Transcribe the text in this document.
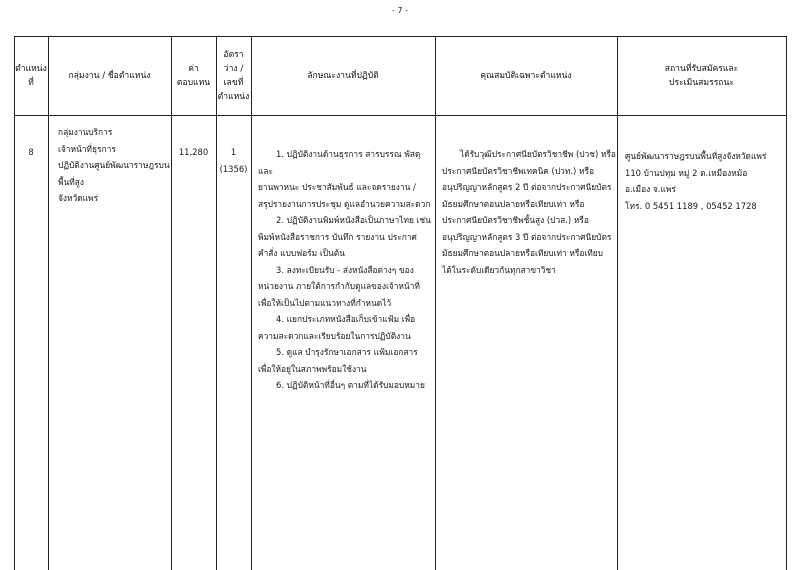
- 7 -
ตำแหน่ง
ที่
กลุ่มงาน / ชื่อตำแหน่ง
ค่า
ตอบแทน
อัตรา
ว่าง /
เลขที่
ตำแหน่ง
ลักษณะงานที่ปฏิบัติ	คุณสมบัติเฉพาะตำแหน่ง
สถานที่รับสมัครและ
ประเมินสมรรถนะ
8

กลุ่มงานบริการ

เจ้าหน้าที่ธุรการ

ปฏิบัติงานศูนย์พัฒนาราษฎรบนพื้นที่สูง

จังหวัดแพร่

11,280	1

(1356)

1. ปฏิบัติงานด้านธุรการ สารบรรณ พัสดุและ

ยานพาหนะ ประชาสัมพันธ์ และจดรายงาน /

สรุปรายงานการประชุม ดูแลอำนวยความสะดวก

2. ปฏิบัติงานพิมพ์หนังสือเป็นภาษาไทย เช่น

พิมพ์หนังสือราชการ บันทึก รายงาน ประกาศ

คำสั่ง แบบฟอร์ม เป็นต้น

3. ลงทะเบียนรับ - ส่งหนังสือต่างๆ ของ

หน่วยงาน ภายใต้การกำกับดูแลของเจ้าหน้าที่

เพื่อให้เป็นไปตามแนวทางที่กำหนดไว้

4. แยกประเภทหนังสือเก็บเข้าแฟ้ม เพื่อ

ความสะดวกและเรียบร้อยในการปฏิบัติงาน

5. ดูแล บำรุงรักษาเอกสาร แฟ้มเอกสาร

เพื่อให้อยู่ในสภาพพร้อมใช้งาน

6. ปฏิบัติหน้าที่อื่นๆ ตามที่ได้รับมอบหมาย

ได้รับวุฒิประกาศนียบัตรวิชาชีพ (ปวช) หรือ

ประกาศนียบัตรวิชาชีพเทคนิค (ปวท.) หรือ

อนุปริญญาหลักสูตร 2 ปี ต่อจากประกาศนียบัตร

มัธยมศึกษาตอนปลายหรือเทียบเท่า หรือ

ประกาศนียบัตรวิชาชีพชั้นสูง (ปวส.) หรือ

อนุปริญญาหลักสูตร 3 ปี ต่อจากประกาศนียบัตร

มัธยมศึกษาตอนปลายหรือเทียบเท่า หรือเทียบ

ได้ในระดับเดียวกันทุกสาขาวิชา

ศูนย์พัฒนาราษฎรบนพื้นที่สูงจังหวัดแพร่

110 บ้านปทุม หมู่ 2 ต.เหมืองหม้อ

อ.เมือง จ.แพร่

โทร. 0 5451 1189 , 05452 1728
